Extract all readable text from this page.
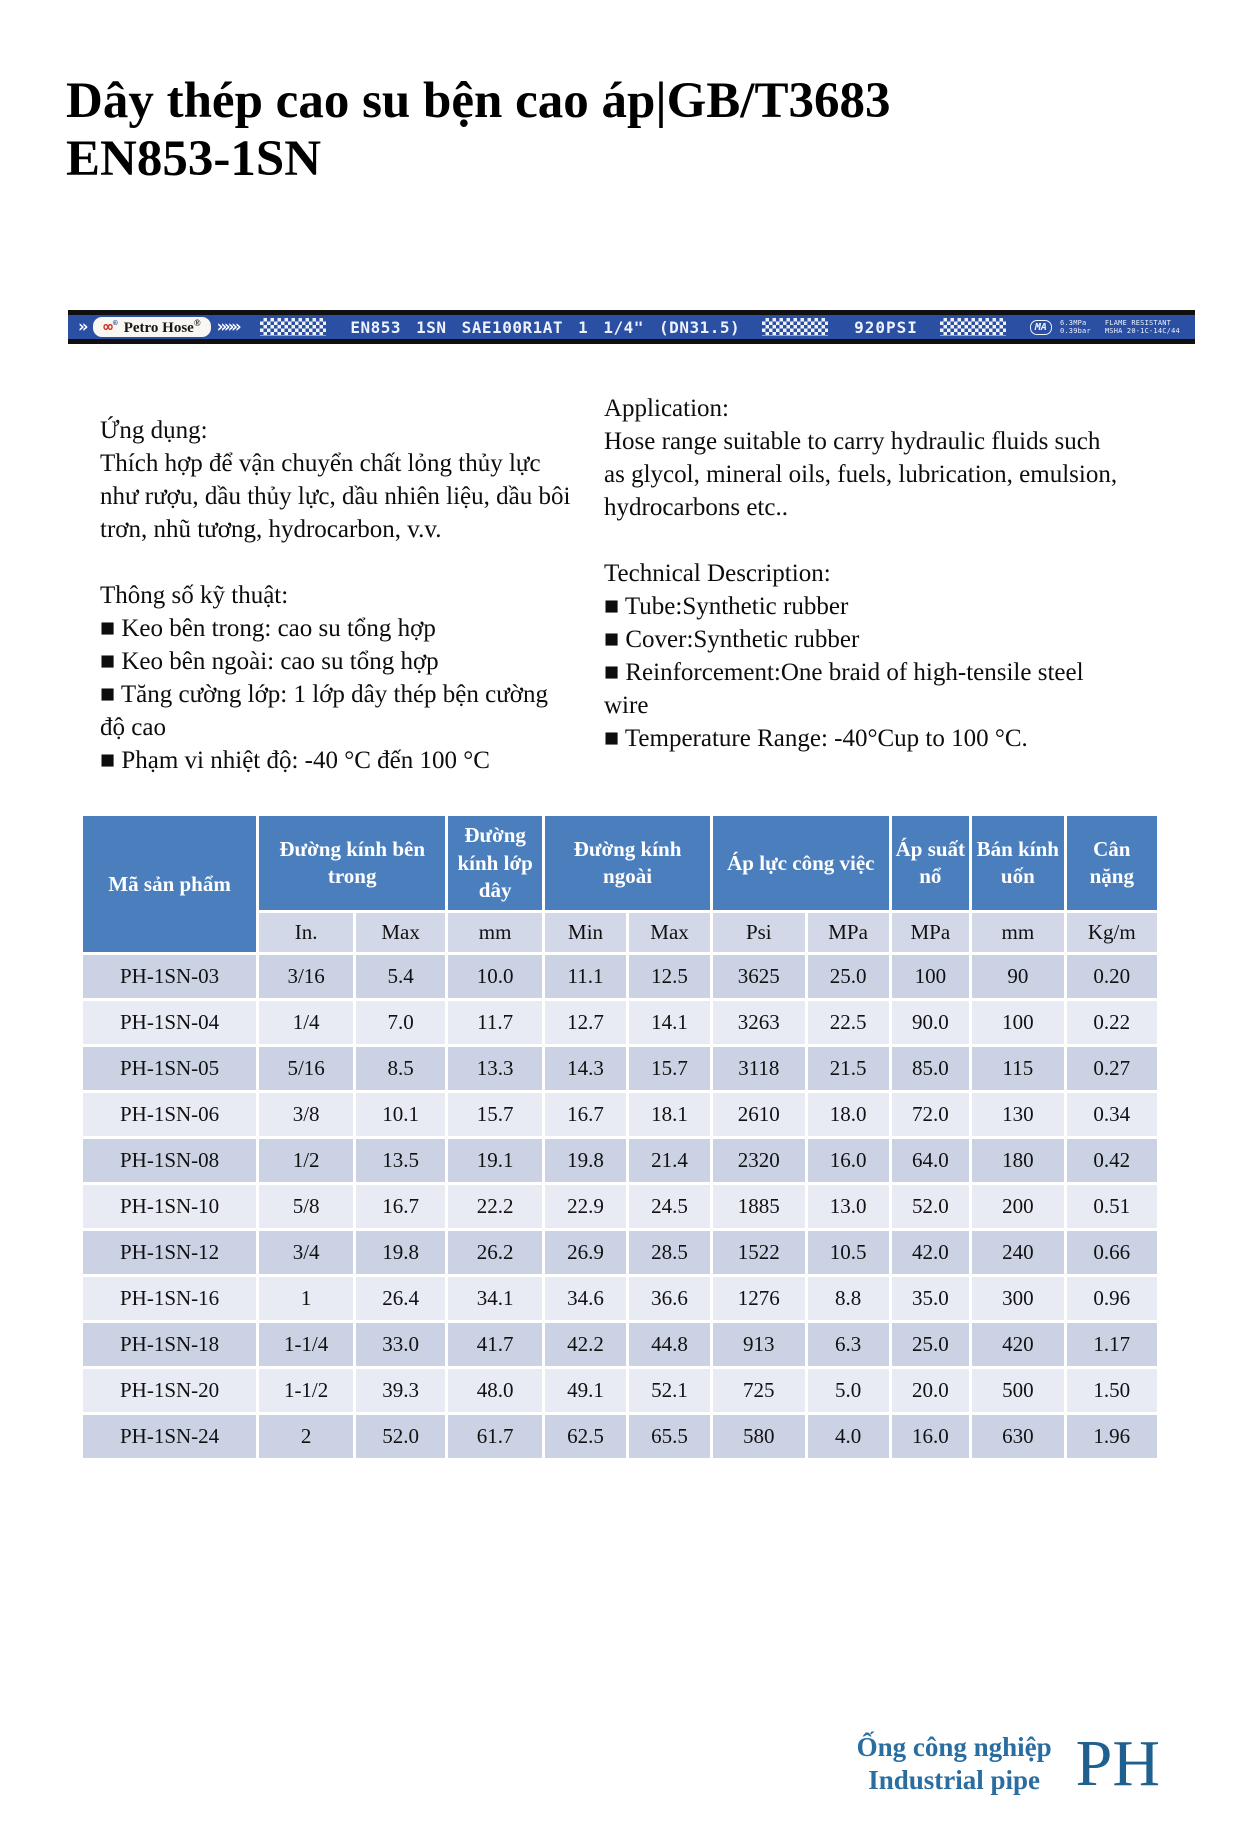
Dây thép cao su bện cao áp|GB/T3683 EN853-1SN
» ∞® Petro Hose® » » »	EN853 1SN SAE100R1AT 1 1/4" (DN31.5)	920PSI	MA	6.3MPa
0.39bar
FLAME RESISTANT
MSHA 20-1C-14C/44
Ứng dụng:
Thích hợp để vận chuyển chất lỏng thủy lực như rượu, dầu thủy lực, dầu nhiên liệu, dầu bôi trơn, nhũ tương, hydrocarbon, v.v.
Thông số kỹ thuật:
■ Keo bên trong: cao su tổng hợp
■ Keo bên ngoài: cao su tổng hợp
■ Tăng cường lớp: 1 lớp dây thép bện cường độ cao
■ Phạm vi nhiệt độ: -40 °C đến 100 °C
Application:
Hose range suitable to carry hydraulic fluids such as glycol, mineral oils, fuels, lubrication, emulsion, hydrocarbons etc..
Technical Description:
■ Tube:Synthetic rubber
■ Cover:Synthetic rubber
■ Reinforcement:One braid of high-tensile steel wire
■ Temperature Range: -40°Cup to 100 °C.
Mã sản phẩm	Đường kính bên trong		Đường kính lớp dây	Đường kính ngoài		Áp lực công việc		Áp suất nổ	Bán kính uốn	Cân nặng
	In.	Max	mm	Min	Max	Psi	MPa	MPa	mm	Kg/m
PH-1SN-03	3/16	5.4	10.0	11.1	12.5	3625	25.0	100	90	0.20
PH-1SN-04	1/4	7.0	11.7	12.7	14.1	3263	22.5	90.0	100	0.22
PH-1SN-05	5/16	8.5	13.3	14.3	15.7	3118	21.5	85.0	115	0.27
PH-1SN-06	3/8	10.1	15.7	16.7	18.1	2610	18.0	72.0	130	0.34
PH-1SN-08	1/2	13.5	19.1	19.8	21.4	2320	16.0	64.0	180	0.42
PH-1SN-10	5/8	16.7	22.2	22.9	24.5	1885	13.0	52.0	200	0.51
PH-1SN-12	3/4	19.8	26.2	26.9	28.5	1522	10.5	42.0	240	0.66
PH-1SN-16	1	26.4	34.1	34.6	36.6	1276	8.8	35.0	300	0.96
PH-1SN-18	1-1/4	33.0	41.7	42.2	44.8	913	6.3	25.0	420	1.17
PH-1SN-20	1-1/2	39.3	48.0	49.1	52.1	725	5.0	20.0	500	1.50
PH-1SN-24	2	52.0	61.7	62.5	65.5	580	4.0	16.0	630	1.96
Ống công nghiệp
Industrial pipe PH
